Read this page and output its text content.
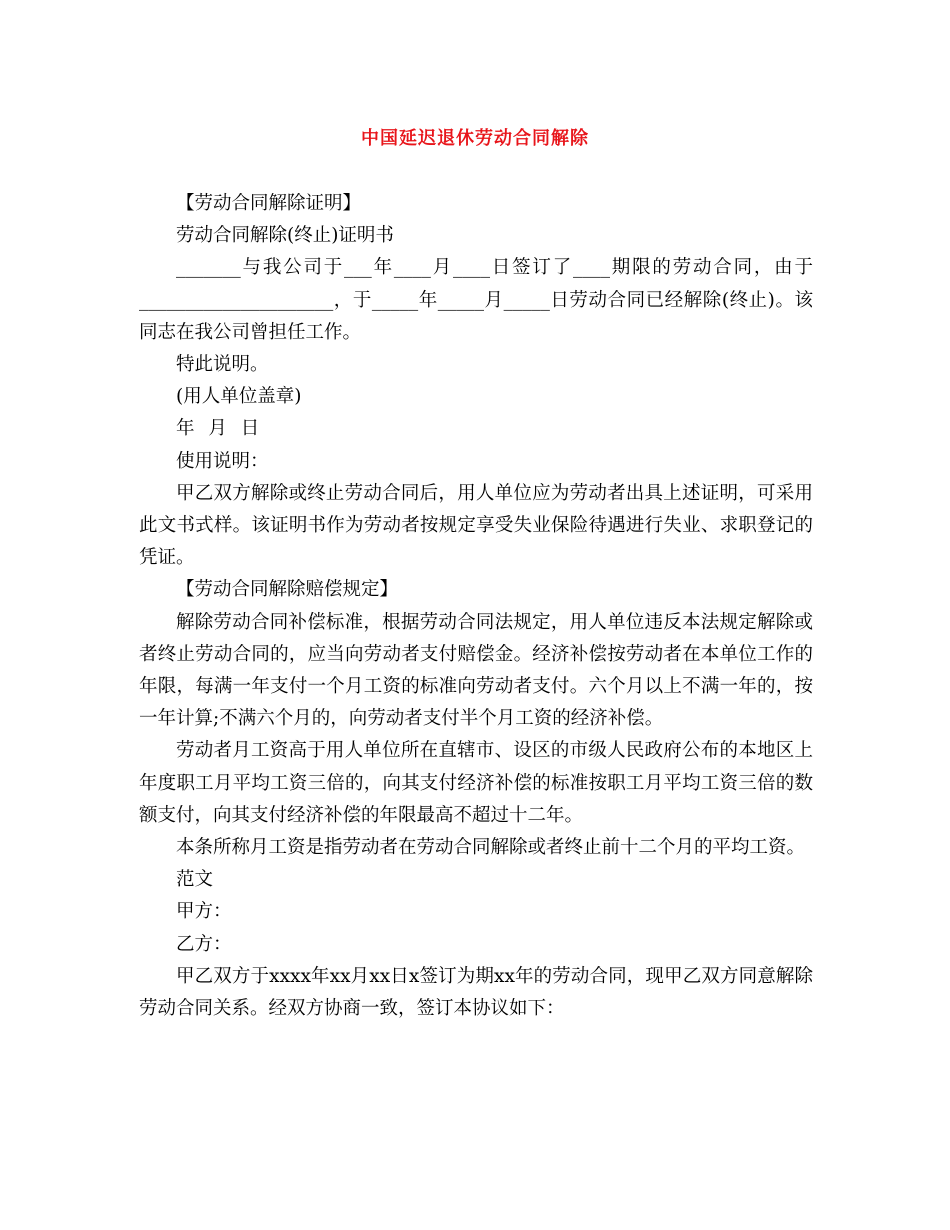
中国延迟退休劳动合同解除

【劳动合同解除证明】

劳动合同解除(终止)证明书

_______与我公司于___年____月____日签订了____期限的劳动合同，由于_____________________，于_____年_____月_____日劳动合同已经解除(终止)。该同志在我公司曾担任工作。

特此说明。

(用人单位盖章)

年 月 日

使用说明：

甲乙双方解除或终止劳动合同后，用人单位应为劳动者出具上述证明，可采用此文书式样。该证明书作为劳动者按规定享受失业保险待遇进行失业、求职登记的凭证。

【劳动合同解除赔偿规定】

解除劳动合同补偿标准，根据劳动合同法规定，用人单位违反本法规定解除或者终止劳动合同的，应当向劳动者支付赔偿金。经济补偿按劳动者在本单位工作的年限，每满一年支付一个月工资的标准向劳动者支付。六个月以上不满一年的，按一年计算;不满六个月的，向劳动者支付半个月工资的经济补偿。

劳动者月工资高于用人单位所在直辖市、设区的市级人民政府公布的本地区上年度职工月平均工资三倍的，向其支付经济补偿的标准按职工月平均工资三倍的数额支付，向其支付经济补偿的年限最高不超过十二年。

本条所称月工资是指劳动者在劳动合同解除或者终止前十二个月的平均工资。

范文

甲方：

乙方：

甲乙双方于xxxx年xx月xx日x签订为期xx年的劳动合同，现甲乙双方同意解除劳动合同关系。经双方协商一致，签订本协议如下：
